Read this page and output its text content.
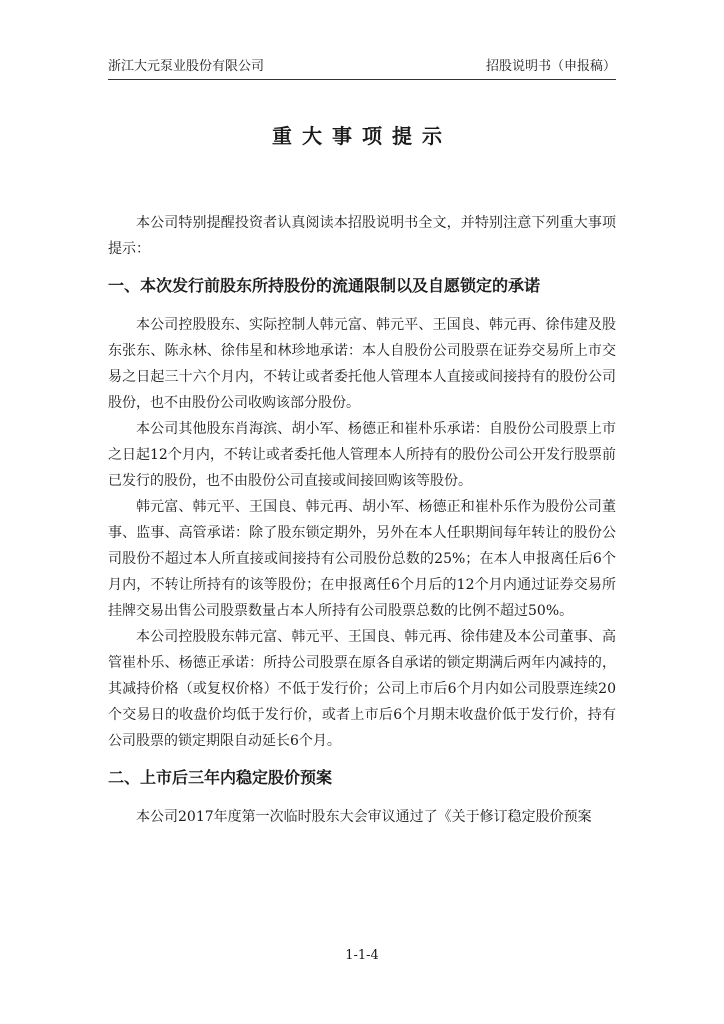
浙江大元泵业股份有限公司	招股说明书（申报稿）
重大事项提示

本公司特别提醒投资者认真阅读本招股说明书全文，并特别注意下列重大事项提示：

一、本次发行前股东所持股份的流通限制以及自愿锁定的承诺

本公司控股股东、实际控制人韩元富、韩元平、王国良、韩元再、徐伟建及股东张东、陈永林、徐伟星和林珍地承诺：本人自股份公司股票在证券交易所上市交易之日起三十六个月内，不转让或者委托他人管理本人直接或间接持有的股份公司股份，也不由股份公司收购该部分股份。

本公司其他股东肖海滨、胡小军、杨德正和崔朴乐承诺：自股份公司股票上市之日起12个月内，不转让或者委托他人管理本人所持有的股份公司公开发行股票前已发行的股份，也不由股份公司直接或间接回购该等股份。

韩元富、韩元平、王国良、韩元再、胡小军、杨德正和崔朴乐作为股份公司董事、监事、高管承诺：除了股东锁定期外，另外在本人任职期间每年转让的股份公司股份不超过本人所直接或间接持有公司股份总数的25%；在本人申报离任后6个月内，不转让所持有的该等股份；在申报离任6个月后的12个月内通过证券交易所挂牌交易出售公司股票数量占本人所持有公司股票总数的比例不超过50%。

本公司控股股东韩元富、韩元平、王国良、韩元再、徐伟建及本公司董事、高管崔朴乐、杨德正承诺：所持公司股票在原各自承诺的锁定期满后两年内减持的，其减持价格（或复权价格）不低于发行价；公司上市后6个月内如公司股票连续20个交易日的收盘价均低于发行价，或者上市后6个月期末收盘价低于发行价，持有公司股票的锁定期限自动延长6个月。

二、上市后三年内稳定股价预案

本公司2017年度第一次临时股东大会审议通过了《关于修订稳定股价预案

1-1-4
